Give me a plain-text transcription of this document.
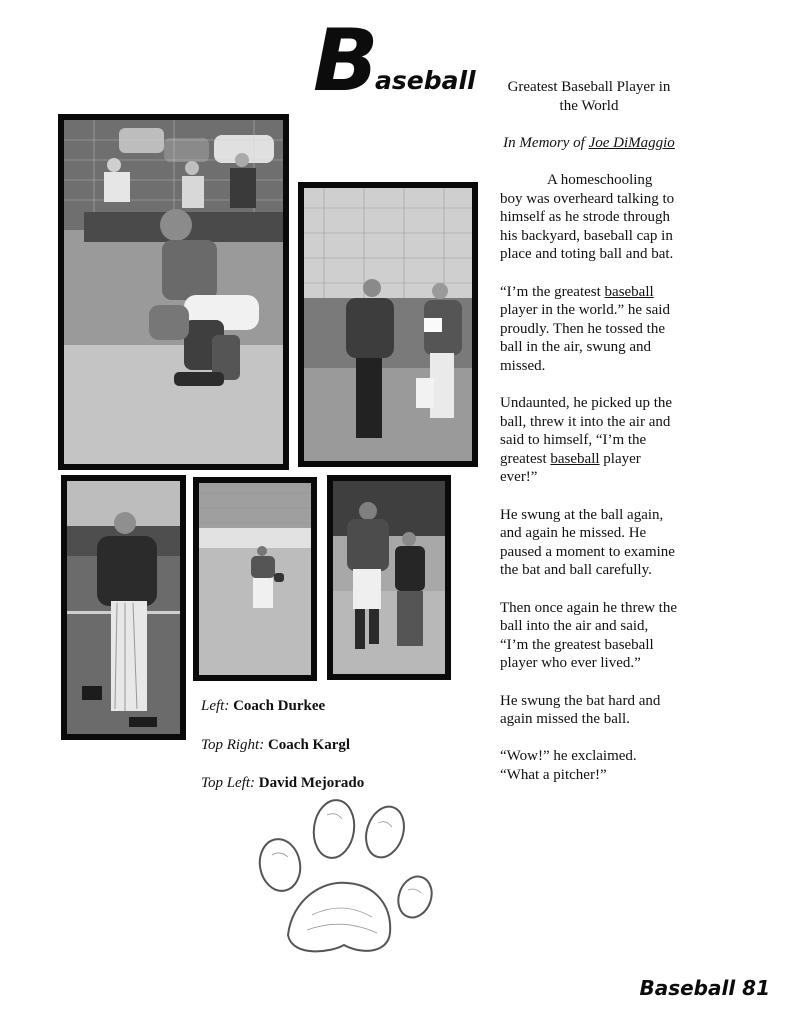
B
aseball
Left: Coach Durkee
Top Right: Coach Kargl
Top Left: David Mejorado

Greatest Baseball Player in the World

In Memory of Joe DiMaggio

A homeschooling boy was overheard talking to himself as he strode through his backyard, baseball cap in place and toting ball and bat.

“I’m the greatest baseball player in the world.” he said proudly. Then he tossed the ball in the air, swung and missed.

Undaunted, he picked up the ball, threw it into the air and said to himself, “I’m the greatest baseball player ever!”

He swung at the ball again, and again he missed. He paused a moment to examine the bat and ball carefully.

Then once again he threw the ball into the air and said, “I’m the greatest baseball player who ever lived.”

He swung the bat hard and again missed the ball.

“Wow!” he exclaimed. “What a pitcher!”

Baseball 81
